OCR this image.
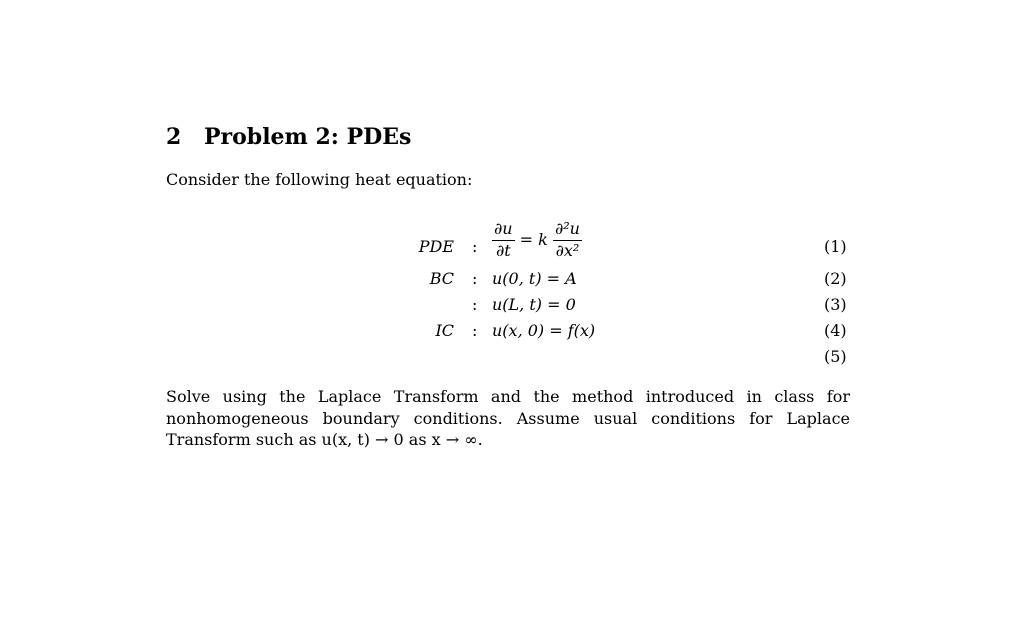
2 Problem 2: PDEs
Consider the following heat equation:
PDE : $\frac{\partial u}{\partial t} = k \frac{\text{∂²u}}{\text{∂x²}}$	(1)
BC : u(0, t) = A	(2)
: u(L, t) = 0	(3)
IC : u(x, 0) = f(x)	(4)
(5)
Solve using the Laplace Transform and the method introduced in class for nonhomogeneous boundary conditions. Assume usual conditions for Laplace Transform such as u(x, t) → 0 as x → ∞.
